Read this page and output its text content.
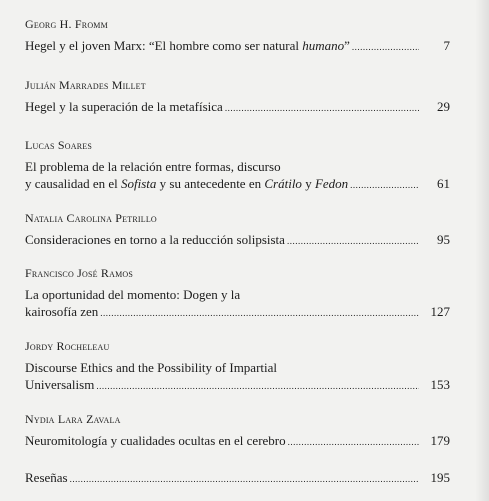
Georg H. Fromm
Hegel y el joven Marx: “El hombre como ser natural humano” .....	7
Julián Marrades Millet
Hegel y la superación de la metafísica .....	29
Lucas Soares
El problema de la relación entre formas, discurso
y causalidad en el Sofista y su antecedente en Crátilo y Fedon .....	61
Natalia Carolina Petrillo
Consideraciones en torno a la reducción solipsista .....	95
Francisco José Ramos
La oportunidad del momento: Dogen y la
kairosofía zen .....	127
Jordy Rocheleau
Discourse Ethics and the Possibility of Impartial
Universalism .....	153
Nydia Lara Zavala
Neuromitología y cualidades ocultas en el cerebro .....	179
Reseñas .....	195
